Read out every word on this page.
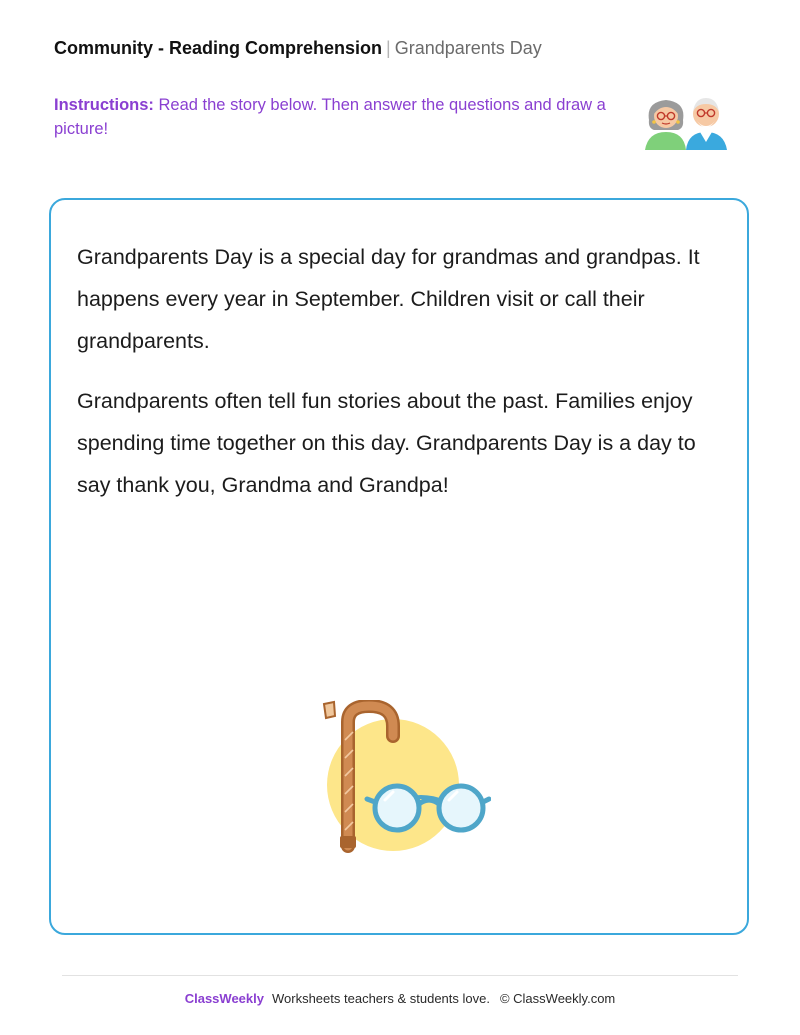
Community - Reading Comprehension | Grandparents Day
Instructions: Read the story below. Then answer the questions and draw a picture!

Grandparents Day is a special day for grandmas and grandpas. It happens every year in September. Children visit or call their grandparents.

Grandparents often tell fun stories about the past. Families enjoy spending time together on this day. Grandparents Day is a day to say thank you, Grandma and Grandpa!

ClassWeekly Worksheets teachers & students love. © ClassWeekly.com
